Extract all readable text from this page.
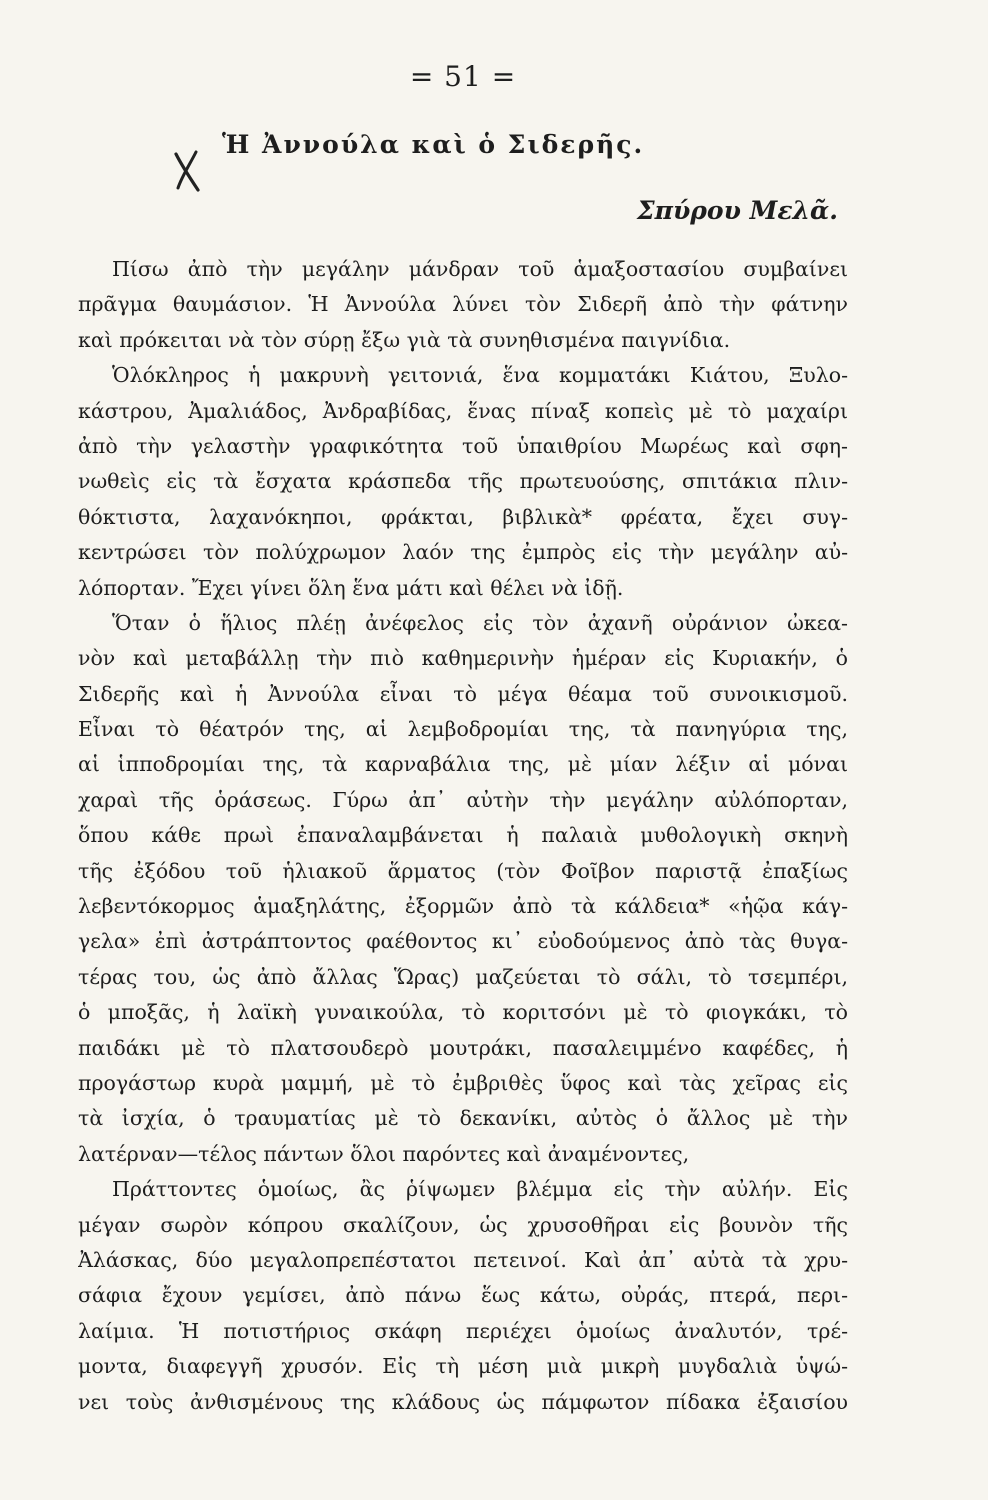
= 51 =
Ἡ Ἀννούλα καὶ ὁ Σιδερῆς.
Σπύρου Μελᾶ.
Πίσω ἀπὸ τὴν μεγάλην μάνδραν τοῦ ἁμαξοστασίου συμβαίνει
πρᾶγμα θαυμάσιον. Ἡ Ἀννούλα λύνει τὸν Σιδερῆ ἀπὸ τὴν φάτνην
καὶ πρόκειται νὰ τὸν σύρῃ ἔξω γιὰ τὰ συνηθισμένα παιγνίδια.
Ὁλόκληρος ἡ μακρυνὴ γειτονιά, ἕνα κομματάκι Κιάτου, Ξυλο-
κάστρου, Ἀμαλιάδος, Ἀνδραβίδας, ἕνας πίναξ κοπεὶς μὲ τὸ μαχαίρι
ἀπὸ τὴν γελαστὴν γραφικότητα τοῦ ὑπαιθρίου Μωρέως καὶ σφη-
νωθεὶς εἰς τὰ ἔσχατα κράσπεδα τῆς πρωτευούσης, σπιτάκια πλιν-
θόκτιστα, λαχανόκηποι, φράκται, βιβλικὰ* φρέατα, ἔχει συγ-
κεντρώσει τὸν πολύχρωμον λαόν της ἐμπρὸς εἰς τὴν μεγάλην αὐ-
λόπορταν. Ἔχει γίνει ὅλη ἕνα μάτι καὶ θέλει νὰ ἰδῇ.
Ὅταν ὁ ἥλιος πλέῃ ἀνέφελος εἰς τὸν ἀχανῆ οὐράνιον ὠκεα-
νὸν καὶ μεταβάλλῃ τὴν πιὸ καθημερινὴν ἡμέραν εἰς Κυριακήν, ὁ
Σιδερῆς καὶ ἡ Ἀννούλα εἶναι τὸ μέγα θέαμα τοῦ συνοικισμοῦ.
Εἶναι τὸ θέατρόν της, αἱ λεμβοδρομίαι της, τὰ πανηγύρια της,
αἱ ἱπποδρομίαι της, τὰ καρναβάλια της, μὲ μίαν λέξιν αἱ μόναι
χαραὶ τῆς ὁράσεως. Γύρω ἀπ᾽ αὐτὴν τὴν μεγάλην αὐλόπορταν,
ὅπου κάθε πρωὶ ἐπαναλαμβάνεται ἡ παλαιὰ μυθολογικὴ σκηνὴ
τῆς ἐξόδου τοῦ ἡλιακοῦ ἅρματος (τὸν Φοῖβον παριστᾷ ἐπαξίως
λεβεντόκορμος ἁμαξηλάτης, ἐξορμῶν ἀπὸ τὰ κάλδεια* «ἡῷα κάγ-
γελα» ἐπὶ ἀστράπτοντος φαέθοντος κι᾽ εὐοδούμενος ἀπὸ τὰς θυγα-
τέρας του, ὡς ἀπὸ ἄλλας Ὥρας) μαζεύεται τὸ σάλι, τὸ τσεμπέρι,
ὁ μποξᾶς, ἡ λαϊκὴ γυναικούλα, τὸ κοριτσόνι μὲ τὸ φιογκάκι, τὸ
παιδάκι μὲ τὸ πλατσουδερὸ μουτράκι, πασαλειμμένο καφέδες, ἡ
προγάστωρ κυρὰ μαμμή, μὲ τὸ ἐμβριθὲς ὕφος καὶ τὰς χεῖρας εἰς
τὰ ἰσχία, ὁ τραυματίας μὲ τὸ δεκανίκι, αὐτὸς ὁ ἄλλος μὲ τὴν
λατέρναν—τέλος πάντων ὅλοι παρόντες καὶ ἀναμένοντες,
Πράττοντες ὁμοίως, ἂς ῥίψωμεν βλέμμα εἰς τὴν αὐλήν. Εἰς
μέγαν σωρὸν κόπρου σκαλίζουν, ὡς χρυσοθῆραι εἰς βουνὸν τῆς
Ἀλάσκας, δύο μεγαλοπρεπέστατοι πετεινοί. Καὶ ἀπ᾽ αὐτὰ τὰ χρυ-
σάφια ἔχουν γεμίσει, ἀπὸ πάνω ἕως κάτω, οὐράς, πτερά, περι-
λαίμια. Ἡ ποτιστήριος σκάφη περιέχει ὁμοίως ἀναλυτόν, τρέ-
μοντα, διαφεγγῆ χρυσόν. Εἰς τὴ μέση μιὰ μικρὴ μυγδαλιὰ ὑψώ-
νει τοὺς ἀνθισμένους της κλάδους ὡς πάμφωτον πίδακα ἐξαισίου
